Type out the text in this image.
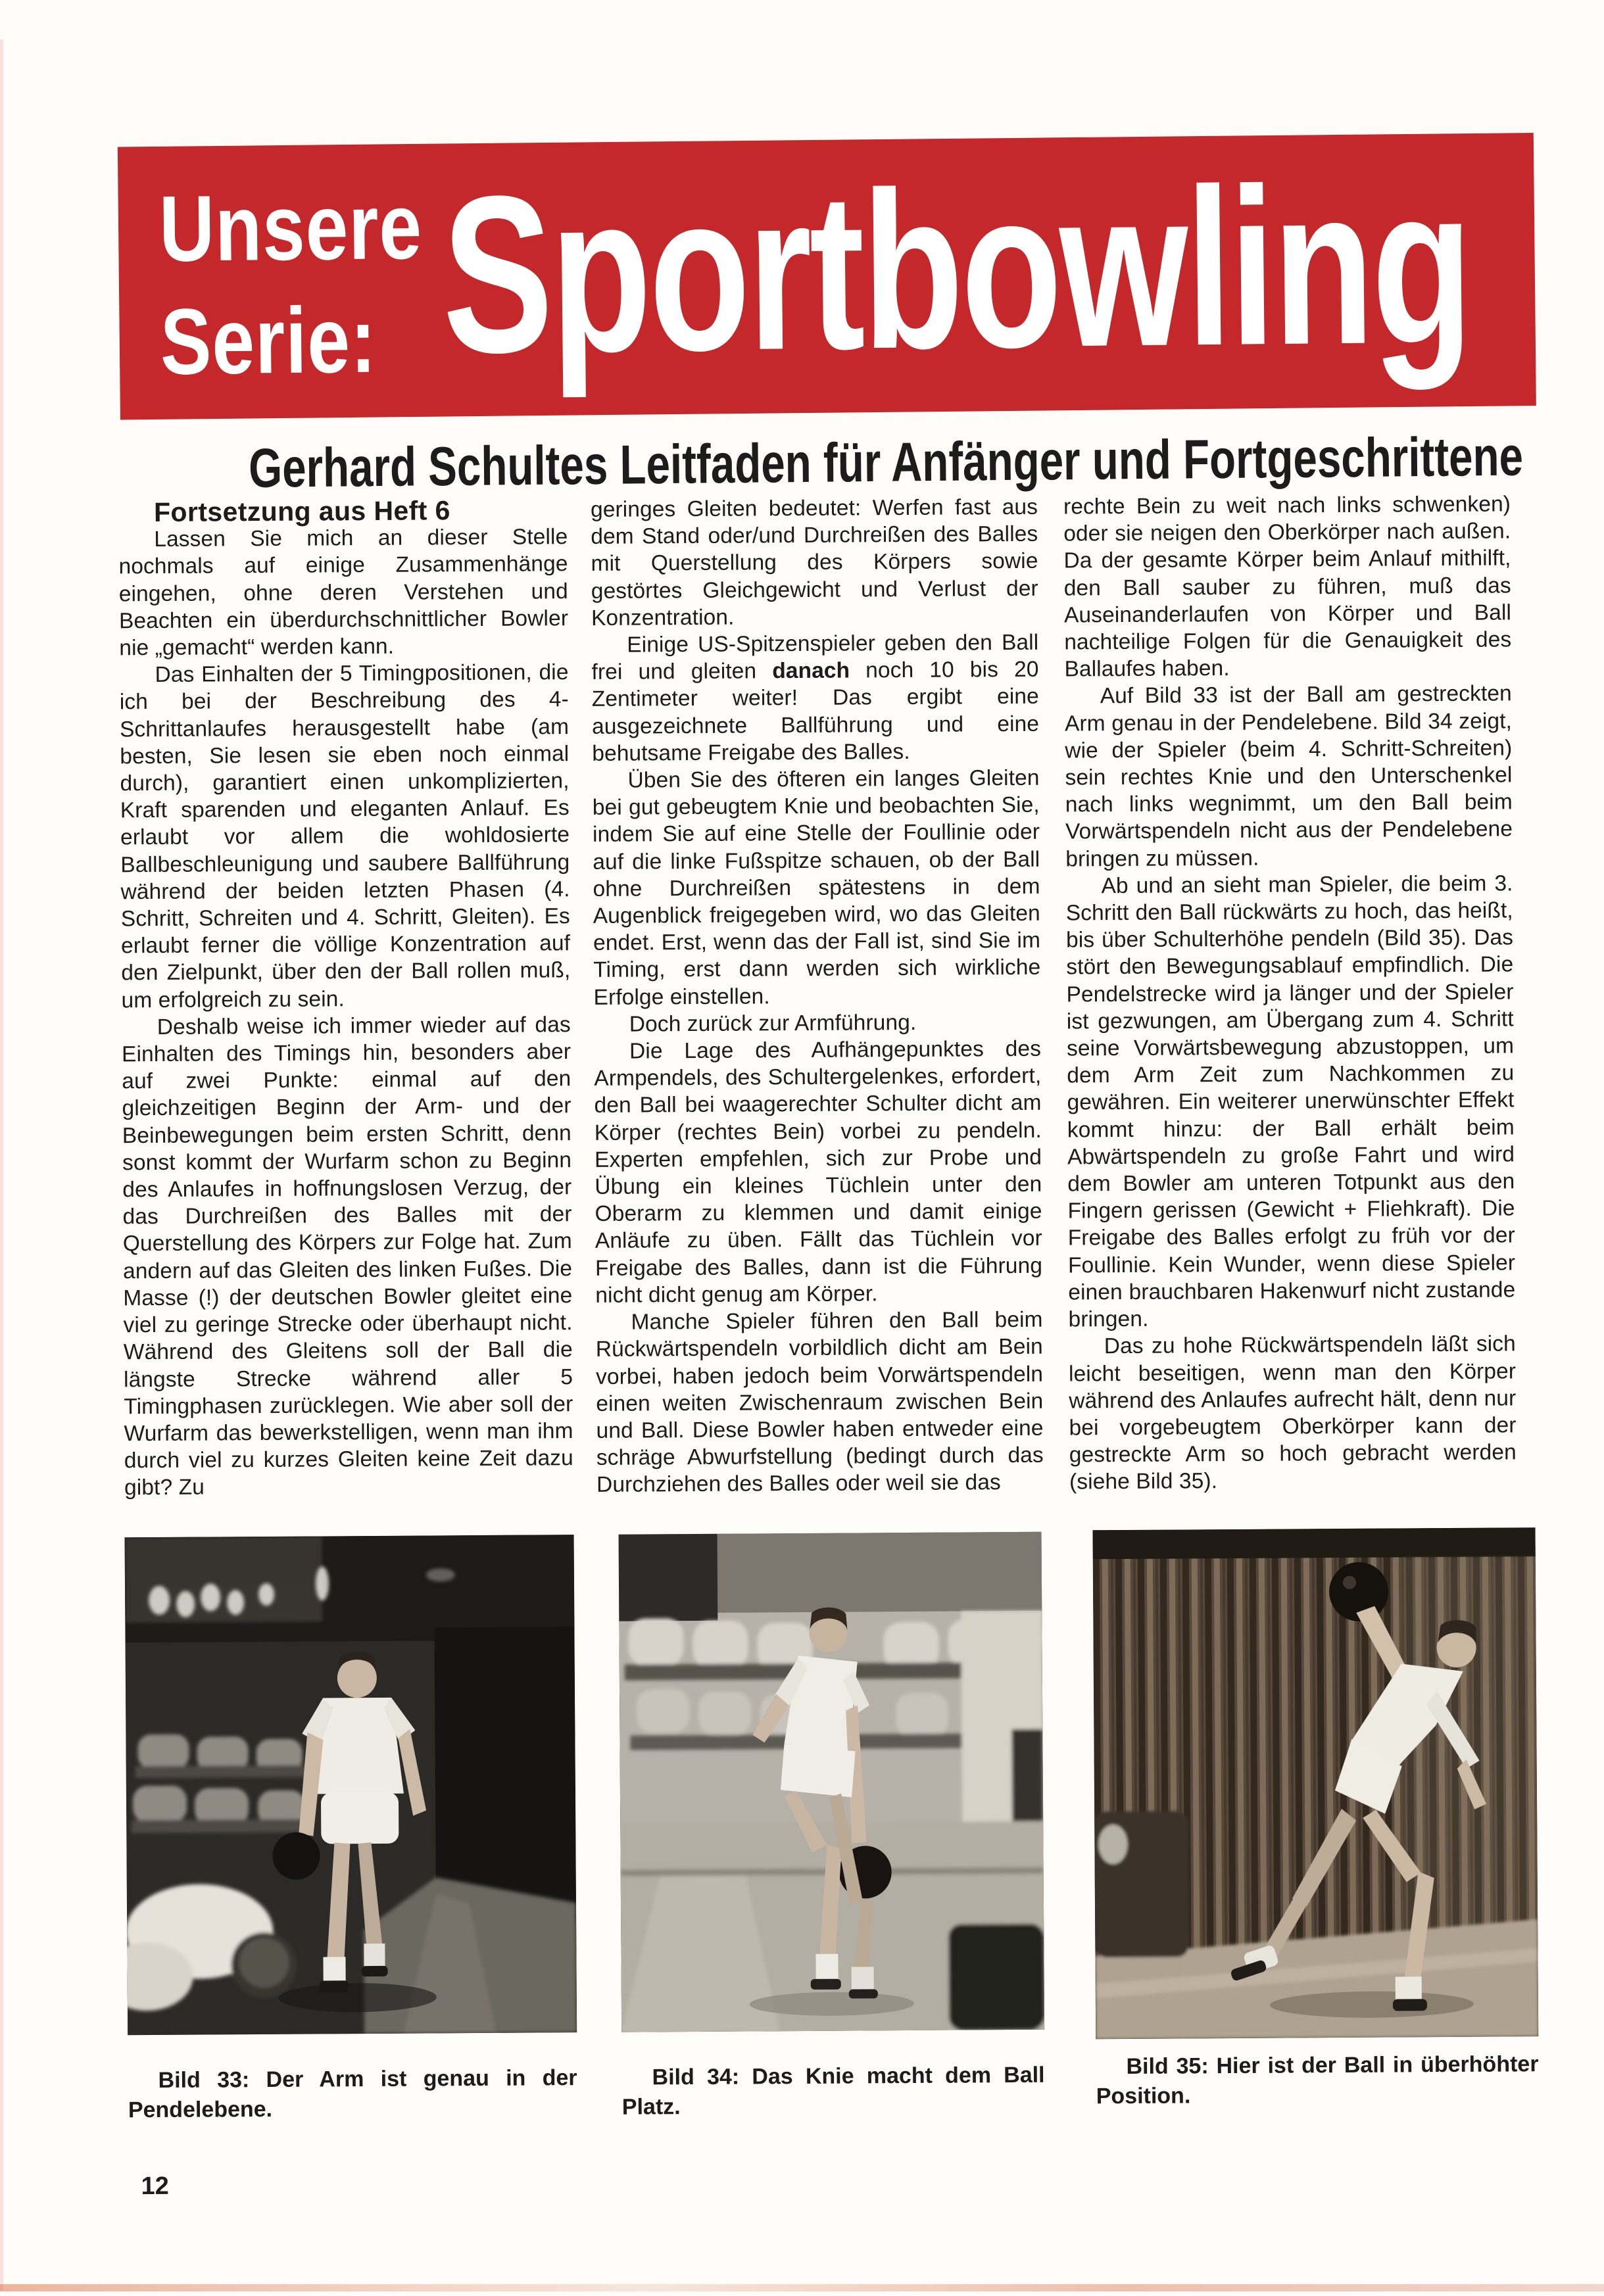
Unsere
Serie: Sportbowling
Gerhard Schultes Leitfaden für Anfänger und Fortgeschrittene

Fortsetzung aus Heft 6

Lassen Sie mich an dieser Stelle nochmals auf einige Zusammenhänge eingehen, ohne deren Verstehen und Beachten ein überdurchschnittlicher Bowler nie „gemacht“ werden kann.

Das Einhalten der 5 Timingpositionen, die ich bei der Beschreibung des 4-Schrittanlaufes herausgestellt habe (am besten, Sie lesen sie eben noch einmal durch), garantiert einen unkomplizierten, Kraft sparenden und eleganten Anlauf. Es erlaubt vor allem die wohldosierte Ballbeschleunigung und saubere Ballführung während der beiden letzten Phasen (4. Schritt, Schreiten und 4. Schritt, Gleiten). Es erlaubt ferner die völlige Konzentration auf den Zielpunkt, über den der Ball rollen muß, um erfolgreich zu sein.

Deshalb weise ich immer wieder auf das Einhalten des Timings hin, besonders aber auf zwei Punkte: einmal auf den gleichzeitigen Beginn der Arm- und der Beinbewegungen beim ersten Schritt, denn sonst kommt der Wurfarm schon zu Beginn des Anlaufes in hoffnungslosen Verzug, der das Durchreißen des Balles mit der Querstellung des Körpers zur Folge hat. Zum andern auf das Gleiten des linken Fußes. Die Masse (!) der deutschen Bowler gleitet eine viel zu geringe Strecke oder überhaupt nicht. Während des Gleitens soll der Ball die längste Strecke während aller 5 Timingphasen zurücklegen. Wie aber soll der Wurfarm das bewerkstelligen, wenn man ihm durch viel zu kurzes Gleiten keine Zeit dazu gibt? Zu

geringes Gleiten bedeutet: Werfen fast aus dem Stand oder/und Durchreißen des Balles mit Querstellung des Körpers sowie gestörtes Gleichgewicht und Verlust der Konzentration.

Einige US-Spitzenspieler geben den Ball frei und gleiten danach noch 10 bis 20 Zentimeter weiter! Das ergibt eine ausgezeichnete Ballführung und eine behutsame Freigabe des Balles.

Üben Sie des öfteren ein langes Gleiten bei gut gebeugtem Knie und beobachten Sie, indem Sie auf eine Stelle der Foullinie oder auf die linke Fußspitze schauen, ob der Ball ohne Durchreißen spätestens in dem Augenblick freigegeben wird, wo das Gleiten endet. Erst, wenn das der Fall ist, sind Sie im Timing, erst dann werden sich wirkliche Erfolge einstellen.

Doch zurück zur Armführung.

Die Lage des Aufhängepunktes des Armpendels, des Schultergelenkes, erfordert, den Ball bei waagerechter Schulter dicht am Körper (rechtes Bein) vorbei zu pendeln. Experten empfehlen, sich zur Probe und Übung ein kleines Tüchlein unter den Oberarm zu klemmen und damit einige Anläufe zu üben. Fällt das Tüchlein vor Freigabe des Balles, dann ist die Führung nicht dicht genug am Körper.

Manche Spieler führen den Ball beim Rückwärtspendeln vorbildlich dicht am Bein vorbei, haben jedoch beim Vorwärtspendeln einen weiten Zwischenraum zwischen Bein und Ball. Diese Bowler haben entweder eine schräge Abwurfstellung (bedingt durch das Durchziehen des Balles oder weil sie das

rechte Bein zu weit nach links schwenken) oder sie neigen den Oberkörper nach außen. Da der gesamte Körper beim Anlauf mithilft, den Ball sauber zu führen, muß das Auseinanderlaufen von Körper und Ball nachteilige Folgen für die Genauigkeit des Ballaufes haben.

Auf Bild 33 ist der Ball am gestreckten Arm genau in der Pendelebene. Bild 34 zeigt, wie der Spieler (beim 4. Schritt-Schreiten) sein rechtes Knie und den Unterschenkel nach links wegnimmt, um den Ball beim Vorwärtspendeln nicht aus der Pendelebene bringen zu müssen.

Ab und an sieht man Spieler, die beim 3. Schritt den Ball rückwärts zu hoch, das heißt, bis über Schulterhöhe pendeln (Bild 35). Das stört den Bewegungsablauf empfindlich. Die Pendelstrecke wird ja länger und der Spieler ist gezwungen, am Übergang zum 4. Schritt seine Vorwärtsbewegung abzustoppen, um dem Arm Zeit zum Nachkommen zu gewähren. Ein weiterer unerwünschter Effekt kommt hinzu: der Ball erhält beim Abwärtspendeln zu große Fahrt und wird dem Bowler am unteren Totpunkt aus den Fingern gerissen (Gewicht + Fliehkraft). Die Freigabe des Balles erfolgt zu früh vor der Foullinie. Kein Wunder, wenn diese Spieler einen brauchbaren Hakenwurf nicht zustande bringen.

Das zu hohe Rückwärtspendeln läßt sich leicht beseitigen, wenn man den Körper während des Anlaufes aufrecht hält, denn nur bei vorgebeugtem Oberkörper kann der gestreckte Arm so hoch gebracht werden (siehe Bild 35).

Bild 33: Der Arm ist genau in der Pendelebene.
Bild 34: Das Knie macht dem Ball Platz.
Bild 35: Hier ist der Ball in überhöhter Position.
12
